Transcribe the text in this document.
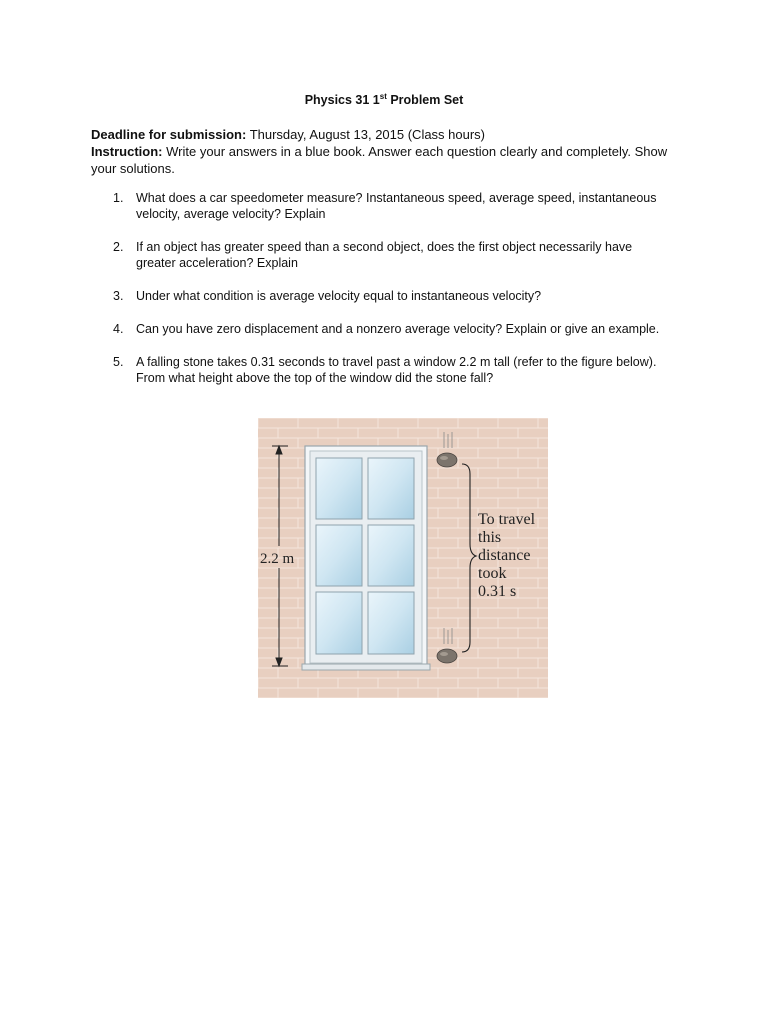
Physics 31 1st Problem Set
Deadline for submission: Thursday, August 13, 2015 (Class hours)
Instruction: Write your answers in a blue book. Answer each question clearly and completely. Show your solutions.
1. What does a car speedometer measure? Instantaneous speed, average speed, instantaneous velocity, average velocity? Explain
2. If an object has greater speed than a second object, does the first object necessarily have greater acceleration? Explain
3. Under what condition is average velocity equal to instantaneous velocity?
4. Can you have zero displacement and a nonzero average velocity? Explain or give an example.
5. A falling stone takes 0.31 seconds to travel past a window 2.2 m tall (refer to the figure below). From what height above the top of the window did the stone fall?
2.2 m
To travel
this
distance
took
0.31 s
